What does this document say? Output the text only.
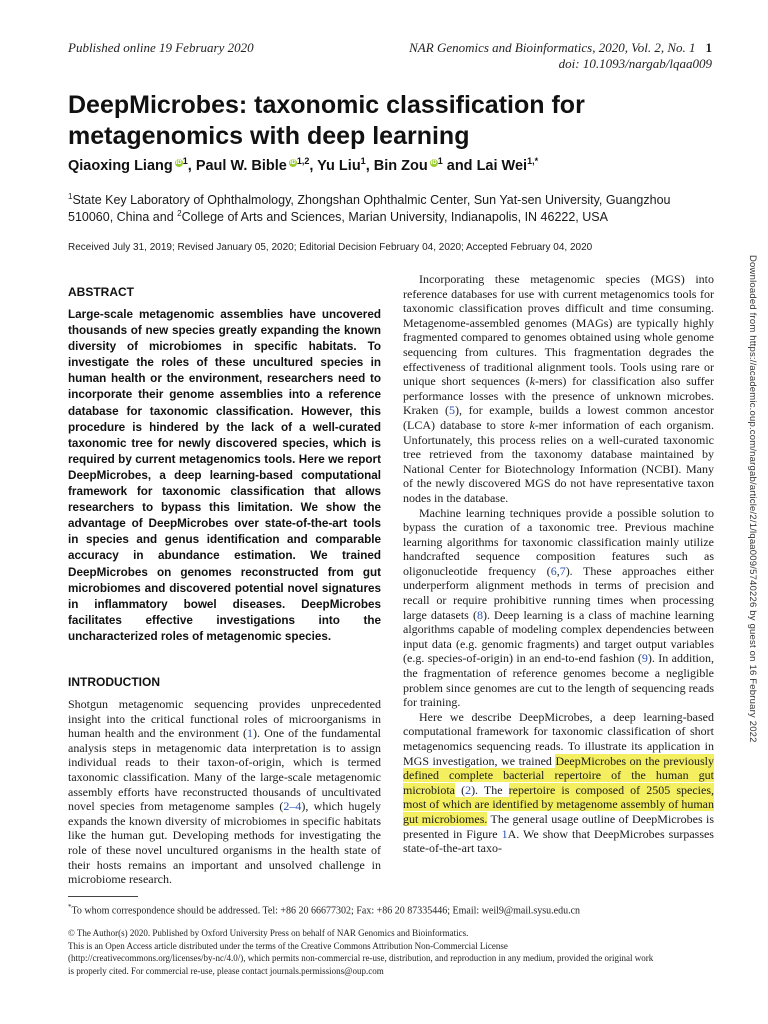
Published online 19 February 2020	NAR Genomics and Bioinformatics, 2020, Vol. 2, No. 1 1
doi: 10.1093/nargab/lqaa009
DeepMicrobes: taxonomic classification for metagenomics with deep learning
Qiaoxing Liang $iD^1$, Paul W. Bible iD$^{1,2}$, Yu Liu$^1$, Bin Zou $iD^1$ and Lai Wei$^{1,*}$

$^1$State Key Laboratory of Ophthalmology, Zhongshan Ophthalmic Center, Sun Yat-sen University, Guangzhou

510060, China and $^2$College of Arts and Sciences, Marian University, Indianapolis, IN 46222, USA

Received July 31, 2019; Revised January 05, 2020; Editorial Decision February 04, 2020; Accepted February 04, 2020
ABSTRACT

Large-scale metagenomic assemblies have uncovered thousands of new species greatly expanding the known diversity of microbiomes in specific habitats. To investigate the roles of these uncultured species in human health or the environment, researchers need to incorporate their genome assemblies into a reference database for taxonomic classification. However, this procedure is hindered by the lack of a well-curated taxonomic tree for newly discovered species, which is required by current metagenomics tools. Here we report DeepMicrobes, a deep learning-based computational framework for taxonomic classification that allows researchers to bypass this limitation. We show the advantage of DeepMicrobes over state-of-the-art tools in species and genus identification and comparable accuracy in abundance estimation. We trained DeepMicrobes on genomes reconstructed from gut microbiomes and discovered potential novel signatures in inflammatory bowel diseases. DeepMicrobes facilitates effective investigations into the uncharacterized roles of metagenomic species.

INTRODUCTION

Shotgun metagenomic sequencing provides unprecedented insight into the critical functional roles of microorganisms in human health and the environment (1). One of the fundamental analysis steps in metagenomic data interpretation is to assign individual reads to their taxon-of-origin, which is termed taxonomic classification. Many of the large-scale metagenomic assembly efforts have reconstructed thousands of uncultivated novel species from metagenome samples (2–4), which hugely expands the known diversity of microbiomes in specific habitats like the human gut. Developing methods for investigating the role of these novel uncultured organisms in the health state of their hosts remains an important and unsolved challenge in microbiome research.

Incorporating these metagenomic species (MGS) into reference databases for use with current metagenomics tools for taxonomic classification proves difficult and time consuming. Metagenome-assembled genomes (MAGs) are typically highly fragmented compared to genomes obtained using whole genome sequencing from cultures. This fragmentation degrades the effectiveness of traditional alignment tools. Tools using rare or unique short sequences (k-mers) for classification also suffer performance losses with the presence of unknown microbes. Kraken (5), for example, builds a lowest common ancestor (LCA) database to store k-mer information of each organism. Unfortunately, this process relies on a well-curated taxonomic tree retrieved from the taxonomy database maintained by National Center for Biotechnology Information (NCBI). Many of the newly discovered MGS do not have representative taxon nodes in the database.

Machine learning techniques provide a possible solution to bypass the curation of a taxonomic tree. Previous machine learning algorithms for taxonomic classification mainly utilize handcrafted sequence composition features such as oligonucleotide frequency (6,7). These approaches either underperform alignment methods in terms of precision and recall or require prohibitive running times when processing large datasets (8). Deep learning is a class of machine learning algorithms capable of modeling complex dependencies between input data (e.g. genomic fragments) and target output variables (e.g. species-of-origin) in an end-to-end fashion (9). In addition, the fragmentation of reference genomes become a negligible problem since genomes are cut to the length of sequencing reads for training.

Here we describe DeepMicrobes, a deep learning-based computational framework for taxonomic classification of short metagenomics sequencing reads. To illustrate its application in MGS investigation, we trained DeepMicrobes on the previously defined complete bacterial repertoire of the human gut microbiota (2). The repertoire is composed of 2505 species, most of which are identified by metagenome assembly of human gut microbiomes. The general usage outline of DeepMicrobes is presented in Figure 1A. We show that DeepMicrobes surpasses state-of-the-art taxo-

*To whom correspondence should be addressed. Tel: +86 20 66677302; Fax: +86 20 87335446; Email: weil9@mail.sysu.edu.cn

© The Author(s) 2020. Published by Oxford University Press on behalf of NAR Genomics and Bioinformatics.

This is an Open Access article distributed under the terms of the Creative Commons Attribution Non-Commercial License

(http://creativecommons.org/licenses/by-nc/4.0/), which permits non-commercial re-use, distribution, and reproduction in any medium, provided the original work

is properly cited. For commercial re-use, please contact journals.permissions@oup.com

Downloaded from https://academic.oup.com/nargab/article/2/1/lqaa009/5740226 by guest on 16 February 2022
